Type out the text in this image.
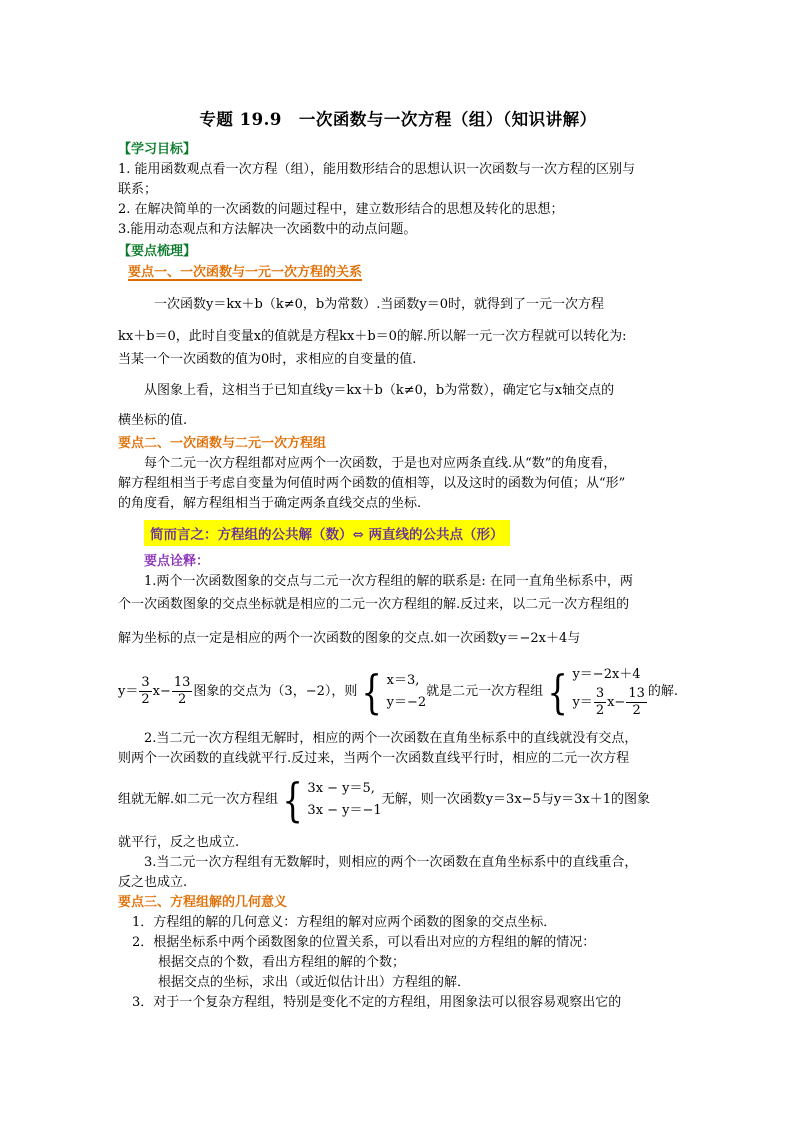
专题 19.9　一次函数与一次方程（组）（知识讲解）
【学习目标】

1. 能用函数观点看一次方程（组），能用数形结合的思想认识一次函数与一次方程的区别与

联系；

2. 在解决简单的一次函数的问题过程中，建立数形结合的思想及转化的思想；

3.能用动态观点和方法解决一次函数中的动点问题。

【要点梳理】
要点一、一次函数与一元一次方程的关系

一次函数y＝kx＋b（k≠0，b为常数）.当函数y＝0时，就得到了一元一次方程

kx＋b＝0，此时自变量x的值就是方程kx＋b＝0的解.所以解一元一次方程就可以转化为:

当某一个一次函数的值为0时，求相应的自变量的值.

从图象上看，这相当于已知直线y＝kx＋b（k≠0，b为常数），确定它与x轴交点的

横坐标的值.

要点二、一次函数与二元一次方程组

每个二元一次方程组都对应两个一次函数，于是也对应两条直线.从“数”的角度看，

解方程组相当于考虑自变量为何值时两个函数的值相等，以及这时的函数为何值；从“形”

的角度看，解方程组相当于确定两条直线交点的坐标.

简而言之：方程组的公共解（数）⇔ 两直线的公共点（形）
要点诠释：

1.两个一次函数图象的交点与二元一次方程组的解的联系是: 在同一直角坐标系中，两

个一次函数图象的交点坐标就是相应的二元一次方程组的解.反过来，以二元一次方程组的

解为坐标的点一定是相应的两个一次函数的图象的交点.如一次函数y＝−2x＋4与

$y= \frac{3}{2} x- \frac{13}{2}$ 图象的交点为（3，−2），则 { x＝3,
y＝−2
就是二元一次方程组 { y＝−2x＋4
$y= \frac{3}{2} x- \frac{13}{2}$ 的解.

2.当二元一次方程组无解时，相应的两个一次函数在直角坐标系中的直线就没有交点，

则两个一次函数的直线就平行.反过来，当两个一次函数直线平行时，相应的二元一次方程

组就无解.如二元一次方程组 { 3x − y＝5,
3x − y＝−1
无解，则一次函数y＝3x−5与y＝3x＋1的图象

就平行，反之也成立.

3.当二元一次方程组有无数解时，则相应的两个一次函数在直角坐标系中的直线重合，

反之也成立.

要点三、方程组解的几何意义

1．方程组的解的几何意义：方程组的解对应两个函数的图象的交点坐标．

2．根据坐标系中两个函数图象的位置关系，可以看出对应的方程组的解的情况：

根据交点的个数，看出方程组的解的个数；

根据交点的坐标，求出（或近似估计出）方程组的解．

3．对于一个复杂方程组，特别是变化不定的方程组，用图象法可以很容易观察出它的
